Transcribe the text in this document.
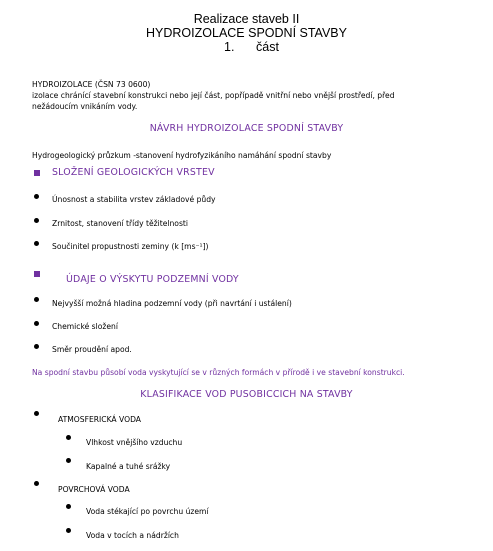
Realizace staveb II
HYDROIZOLACE SPODNÍ STAVBY
1. část
HYDROIZOLACE (ČSN 73 0600)
izolace chránící stavební konstrukci nebo její část, popřípadě vnitřní nebo vnější prostředí, před
nežádoucím vnikáním vody.
NÁVRH HYDROIZOLACE SPODNÍ STAVBY
Hydrogeologický průzkum -stanovení hydrofyzikáního namáhání spodní stavby
SLOŽENÍ GEOLOGICKÝCH VRSTEV
Únosnost a stabilita vrstev základové půdy
Zrnitost, stanovení třídy těžitelnosti
Součinitel propustnosti zeminy (k [ms⁻¹])
ÚDAJE O VÝSKYTU PODZEMNÍ VODY
Nejvyšší možná hladina podzemní vody (při navrtání i ustálení)
Chemické složení
Směr proudění apod.
Na spodní stavbu působí voda vyskytující se v různých formách v přírodě i ve stavební konstrukci.
KLASIFIKACE VOD PUSOBICCICH NA STAVBY
ATMOSFERICKÁ VODA
Vlhkost vnějšího vzduchu
Kapalné a tuhé srážky
POVRCHOVÁ VODA
Voda stékající po povrchu území
Voda v tocích a nádržích
